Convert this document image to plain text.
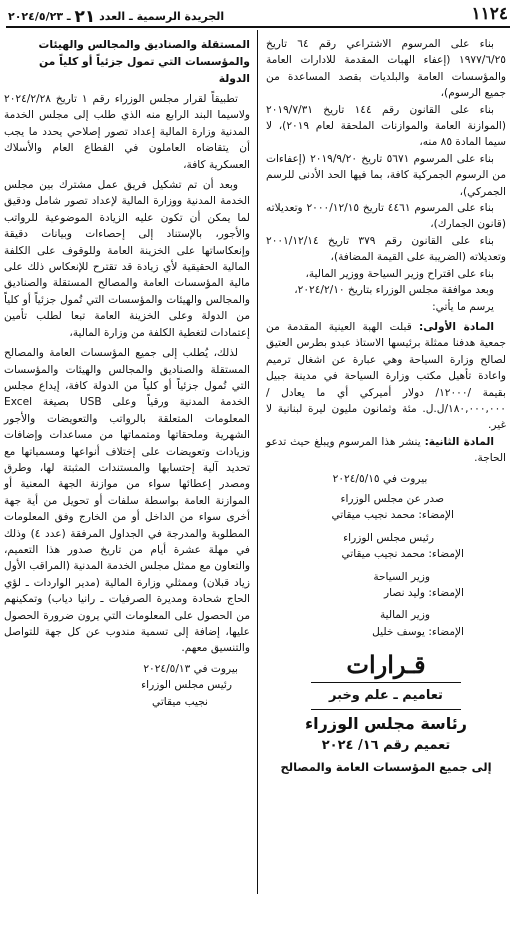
١١٢٤
الجريدة الرسمية ـ العدد ٢١ ـ ٢٠٢٤/٥/٢٣

بناء على المرسوم الاشتراعي رقم ٦٤ تاريخ ١٩٧٧/٦/٢٥ (إعفاء الهبات المقدمة للادارات العامة والمؤسسات العامة والبلديات بقصد المساعدة من جميع الرسوم)،

بناء على القانون رقم ١٤٤ تاريخ ٢٠١٩/٧/٣١ (الموازنة العامة والموازنات الملحقة لعام ٢٠١٩)، لا سيما المادة ٨٥ منه،

بناء على المرسوم ٥٦٧١ تاريخ ٢٠١٩/٩/٢٠ (إعفاءات من الرسوم الجمركية كافة، بما فيها الحد الأدنى للرسم الجمركي)،

بناء على المرسوم ٤٤٦١ تاريخ ٢٠٠٠/١٢/١٥ وتعديلاته (قانون الجمارك)،

بناء على القانون رقم ٣٧٩ تاريخ ٢٠٠١/١٢/١٤ وتعديلاته (الضريبة على القيمة المضافة)،

بناء على اقتراح وزير السياحة ووزير المالية،

وبعد موافقة مجلس الوزراء بتاريخ ٢٠٢٤/٢/١٠،

يرسم ما يأتي:

المادة الأولى: قبلت الهبة العينية المقدمة من جمعية هدفنا ممثلة برئيسها الاستاذ عبدو بطرس العتيق لصالح وزارة السياحة وهي عبارة عن اشغال ترميم واعادة تأهيل مكتب وزارة السياحة في مدينة جبيل بقيمة /١٢٠٠٠/ دولار أميركي أي ما يعادل /١٨٠,٠٠٠,٠٠٠/ل.ل. مئة وثمانون مليون ليرة لبنانية لا غير.

المادة الثانية: ينشر هذا المرسوم ويبلغ حيث تدعو الحاجة.

بيروت في ٢٠٢٤/٥/١٥

صدر عن مجلس الوزراء

الإمضاء: محمد نجيب ميقاتي

رئيس مجلس الوزراء

الإمضاء: محمد نجيب ميقاتي

وزير السياحة

الإمضاء: وليد نصار

وزير المالية

الإمضاء: يوسف خليل

قـرارات
تعاميم ـ علم وخبر
رئاسة مجلس الوزراء
تعميم رقم ١٦/ ٢٠٢٤
إلى جميع المؤسسات العامة والمصالح
المستقلة والصناديق والمجالس والهيئات
والمؤسسات التي تمول جزئياً أو كلياً من الدولة

تطبيقاً لقرار مجلس الوزراء رقم ١ تاريخ ٢٠٢٤/٢/٢٨ ولاسيما البند الرابع منه الذي طلب إلى مجلس الخدمة المدنية وزارة المالية إعداد تصور إصلاحي يحدد ما يجب أن يتقاضاه العاملون في القطاع العام والأسلاك العسكرية كافة،

وبعد أن تم تشكيل فريق عمل مشترك بين مجلس الخدمة المدنية ووزارة المالية لإعداد تصور شامل ودقيق لما يمكن أن تكون عليه الزيادة الموضوعية للرواتب والأجور، بالإستناد إلى إحصاءات وبيانات دقيقة وإنعكاساتها على الخزينة العامة وللوقوف على الكلفة المالية الحقيقية لأي زيادة قد تقترح للإنعكاس ذلك على مالية المؤسسات العامة والمصالح المستقلة والصناديق والمجالس والهيئات والمؤسسات التي تُمول جزئياً أو كلياً من الدولة وعلى الخزينة العامة تبعا لطلب تأمين إعتمادات لتغطية الكلفة من وزارة المالية،

لذلك، يُطلب إلى جميع المؤسسات العامة والمصالح المستقلة والصناديق والمجالس والهيئات والمؤسسات التي تُمول جزئياً أو كلياً من الدولة كافة، إيداع مجلس الخدمة المدنية ورقياً وعلى USB بصيغة Excel المعلومات المتعلقة بالرواتب والتعويضات والأجور الشهرية وملحقاتها ومتمماتها من مساعدات وإضافات وزيادات وتعويضات على إختلاف أنواعها ومسمياتها مع تحديد آلية إحتسابها والمستندات المثبتة لها، وطرق ومصدر إعطائها سواء من موازنة الجهة المعنية أو الموازنة العامة بواسطة سلفات أو تحويل من أية جهة أخرى سواء من الداخل أو من الخارج وفق المعلومات المطلوبة والمدرجة في الجداول المرفقة (عدد ٤) وذلك في مهلة عشرة أيام من تاريخ صدور هذا التعميم، والتعاون مع ممثل مجلس الخدمة المدنية (المراقب الأول زياد قبلان) وممثلي وزارة المالية (مدير الواردات ـ لؤي الحاج شحادة ومديرة الصرفيات ـ رانيا دياب) وتمكينهم من الحصول على المعلومات التي يرون ضرورة الحصول عليها، إضافة إلى تسمية مندوب عن كل جهة للتواصل والتنسيق معهم.

بيروت في ٢٠٢٤/٥/١٣

رئيس مجلس الوزراء

نجيب ميقاتي
